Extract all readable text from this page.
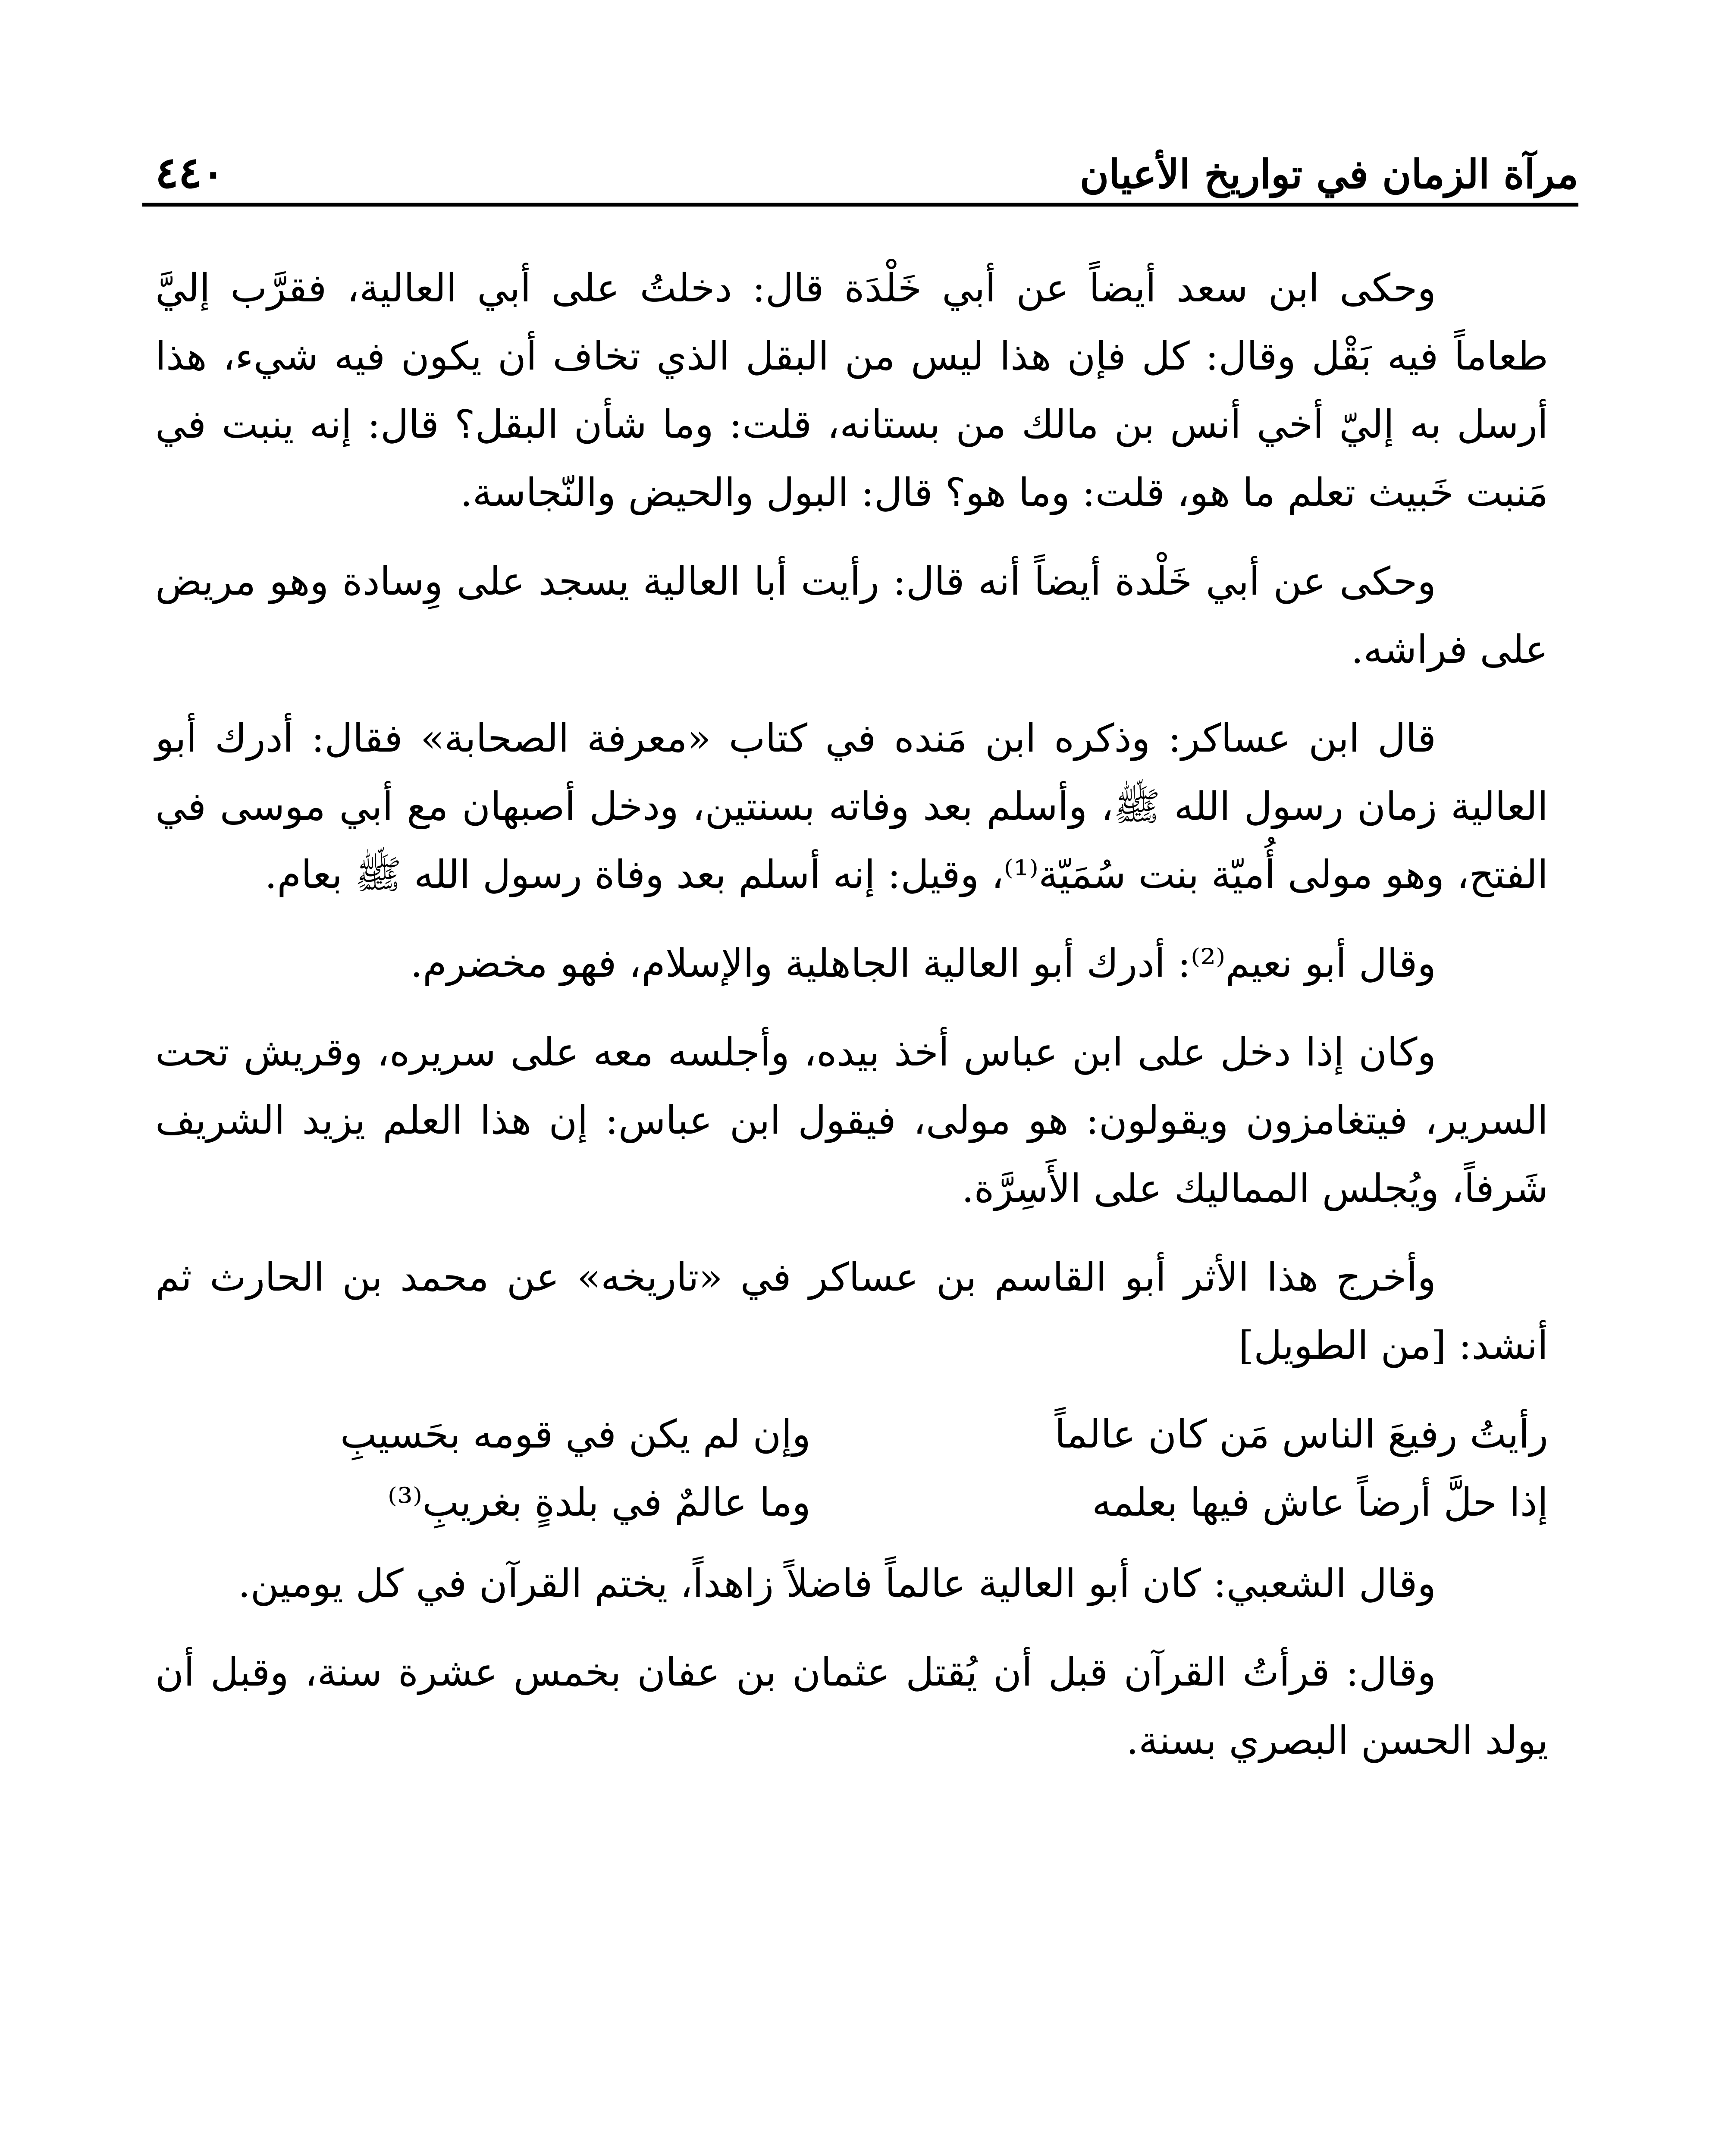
٤٤٠	مرآة الزمان في تواريخ الأعيان

وحكى ابن سعد أيضاً عن أبي خَلْدَة قال: دخلتُ على أبي العالية، فقرَّب إليَّ طعاماً فيه بَقْل وقال: كل فإن هذا ليس من البقل الذي تخاف أن يكون فيه شيء، هذا أرسل به إليّ أخي أنس بن مالك من بستانه، قلت: وما شأن البقل؟ قال: إنه ينبت في مَنبت خَبيث تعلم ما هو، قلت: وما هو؟ قال: البول والحيض والنّجاسة.

وحكى عن أبي خَلْدة أيضاً أنه قال: رأيت أبا العالية يسجد على وِسادة وهو مريض على فراشه.

قال ابن عساكر: وذكره ابن مَنده في كتاب «معرفة الصحابة» فقال: أدرك أبو العالية زمان رسول الله ﷺ، وأسلم بعد وفاته بسنتين، ودخل أصبهان مع أبي موسى في الفتح، وهو مولى أُميّة بنت سُمَيّة⁽¹⁾، وقيل: إنه أسلم بعد وفاة رسول الله ﷺ بعام.

وقال أبو نعيم⁽²⁾: أدرك أبو العالية الجاهلية والإسلام، فهو مخضرم.

وكان إذا دخل على ابن عباس أخذ بيده، وأجلسه معه على سريره، وقريش تحت السرير، فيتغامزون ويقولون: هو مولى، فيقول ابن عباس: إن هذا العلم يزيد الشريف شَرفاً، ويُجلس المماليك على الأَسِرَّة.

وأخرج هذا الأثر أبو القاسم بن عساكر في «تاريخه» عن محمد بن الحارث ثم أنشد: [من الطويل]

رأيتُ رفيعَ الناس مَن كان عالماً
وإن لم يكن في قومه بحَسيبِ
إذا حلَّ أرضاً عاش فيها بعلمه
وما عالمٌ في بلدةٍ بغريبِ⁽³⁾

وقال الشعبي: كان أبو العالية عالماً فاضلاً زاهداً، يختم القرآن في كل يومين.

وقال: قرأتُ القرآن قبل أن يُقتل عثمان بن عفان بخمس عشرة سنة، وقبل أن يولد الحسن البصري بسنة.
